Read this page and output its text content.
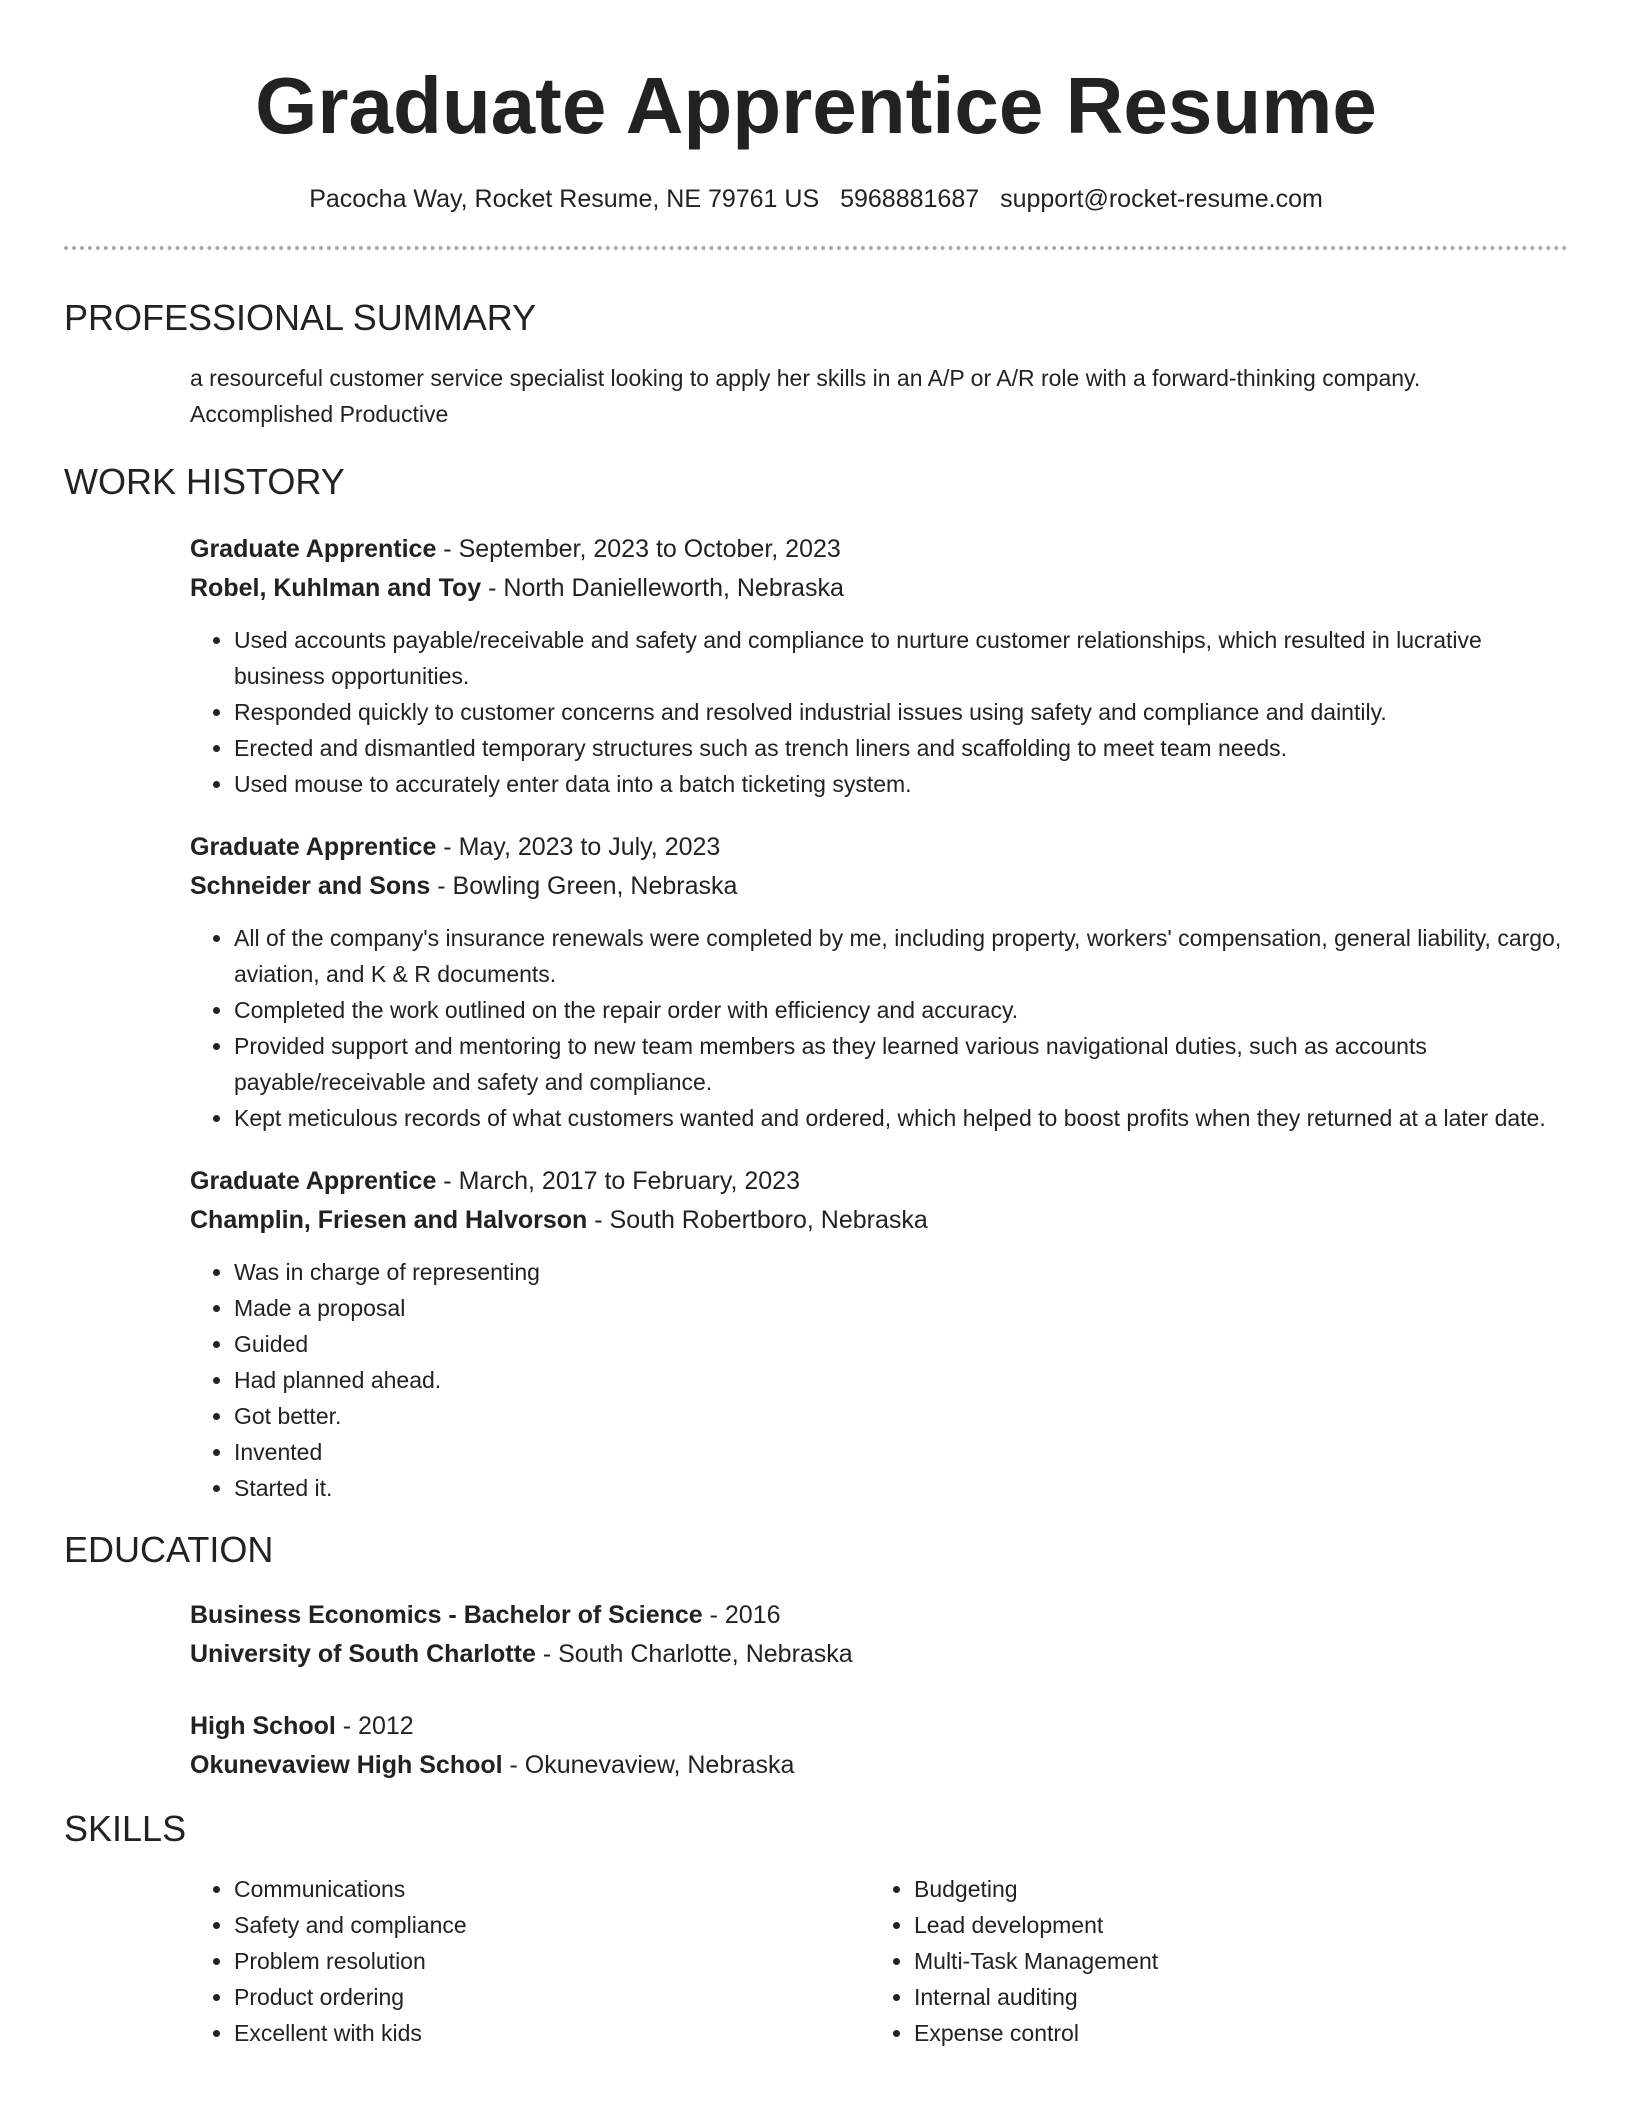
Graduate Apprentice Resume
Pacocha Way, Rocket Resume, NE 79761 US 5968881687 support@rocket-resume.com
PROFESSIONAL SUMMARY

a resourceful customer service specialist looking to apply her skills in an A/P or A/R role with a forward-thinking company. Accomplished Productive

WORK HISTORY
Graduate Apprentice - September, 2023 to October, 2023
Robel, Kuhlman and Toy - North Danielleworth, Nebraska
• Used accounts payable/receivable and safety and compliance to nurture customer relationships, which resulted in lucrative business opportunities.
• Responded quickly to customer concerns and resolved industrial issues using safety and compliance and daintily.
• Erected and dismantled temporary structures such as trench liners and scaffolding to meet team needs.
• Used mouse to accurately enter data into a batch ticketing system.
Graduate Apprentice - May, 2023 to July, 2023
Schneider and Sons - Bowling Green, Nebraska
• All of the company's insurance renewals were completed by me, including property, workers' compensation, general liability, cargo, aviation, and K & R documents.
• Completed the work outlined on the repair order with efficiency and accuracy.
• Provided support and mentoring to new team members as they learned various navigational duties, such as accounts payable/receivable and safety and compliance.
• Kept meticulous records of what customers wanted and ordered, which helped to boost profits when they returned at a later date.
Graduate Apprentice - March, 2017 to February, 2023
Champlin, Friesen and Halvorson - South Robertboro, Nebraska
• Was in charge of representing
• Made a proposal
• Guided
• Had planned ahead.
• Got better.
• Invented
• Started it.
EDUCATION
Business Economics - Bachelor of Science - 2016
University of South Charlotte - South Charlotte, Nebraska
High School - 2012
Okunevaview High School - Okunevaview, Nebraska
SKILLS
• Communications
• Safety and compliance
• Problem resolution
• Product ordering
• Excellent with kids
• Budgeting
• Lead development
• Multi-Task Management
• Internal auditing
• Expense control
